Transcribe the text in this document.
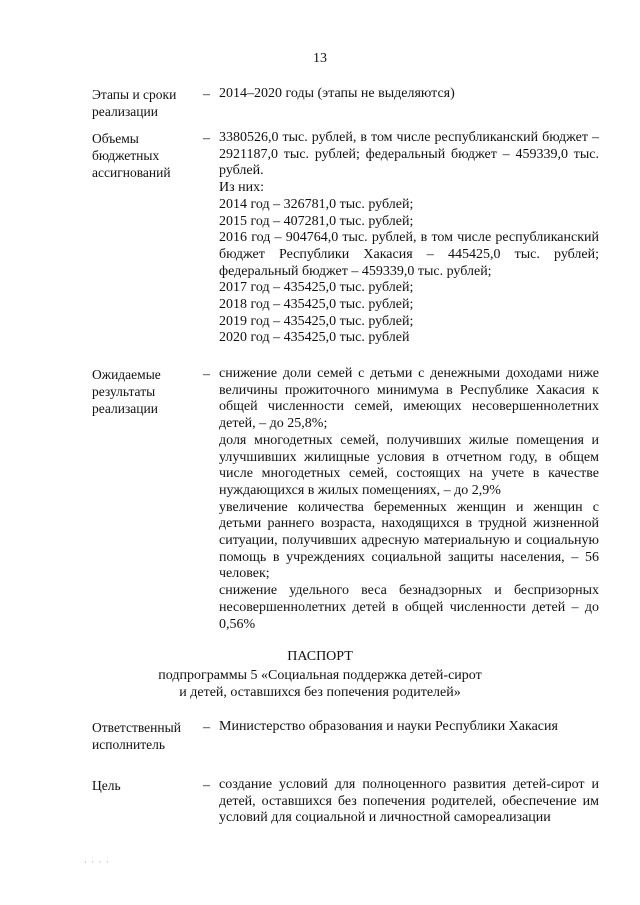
13
Этапы и сроки
реализации
– 2014–2020 годы (этапы не выделяются)
Объемы
бюджетных
ассигнований
– 3380526,0 тыс. рублей, в том числе республиканский бюджет –
2921187,0 тыс. рублей; федеральный бюджет – 459339,0 тыс.
рублей.
Из них:
2014 год – 326781,0 тыс. рублей;
2015 год – 407281,0 тыс. рублей;
2016 год – 904764,0 тыс. рублей, в том числе республиканский
бюджет Республики Хакасия – 445425,0 тыс. рублей;
федеральный бюджет – 459339,0 тыс. рублей;
2017 год – 435425,0 тыс. рублей;
2018 год – 435425,0 тыс. рублей;
2019 год – 435425,0 тыс. рублей;
2020 год – 435425,0 тыс. рублей
Ожидаемые
результаты
реализации
– снижение доли семей с детьми с денежными доходами ниже величины прожиточного минимума в Республике Хакасия к общей численности семей, имеющих несовершеннолетних детей, – до 25,8%;
доля многодетных семей, получивших жилые помещения и улучшивших жилищные условия в отчетном году, в общем числе многодетных семей, состоящих на учете в качестве нуждающихся в жилых помещениях, – до 2,9%
увеличение количества беременных женщин и женщин с детьми раннего возраста, находящихся в трудной жизненной ситуации, получивших адресную материальную и социальную помощь в учреждениях социальной защиты населения, – 56 человек;
снижение удельного веса безнадзорных и беспризорных несовершеннолетних детей в общей численности детей – до 0,56%
ПАСПОРТ
подпрограммы 5 «Социальная поддержка детей-сирот
и детей, оставшихся без попечения родителей»
Ответственный
исполнитель
– Министерство образования и науки Республики Хакасия
Цель	– создание условий для полноценного развития детей-сирот и детей, оставшихся без попечения родителей, обеспечение им условий для социальной и личностной самореализации
· · · ·
